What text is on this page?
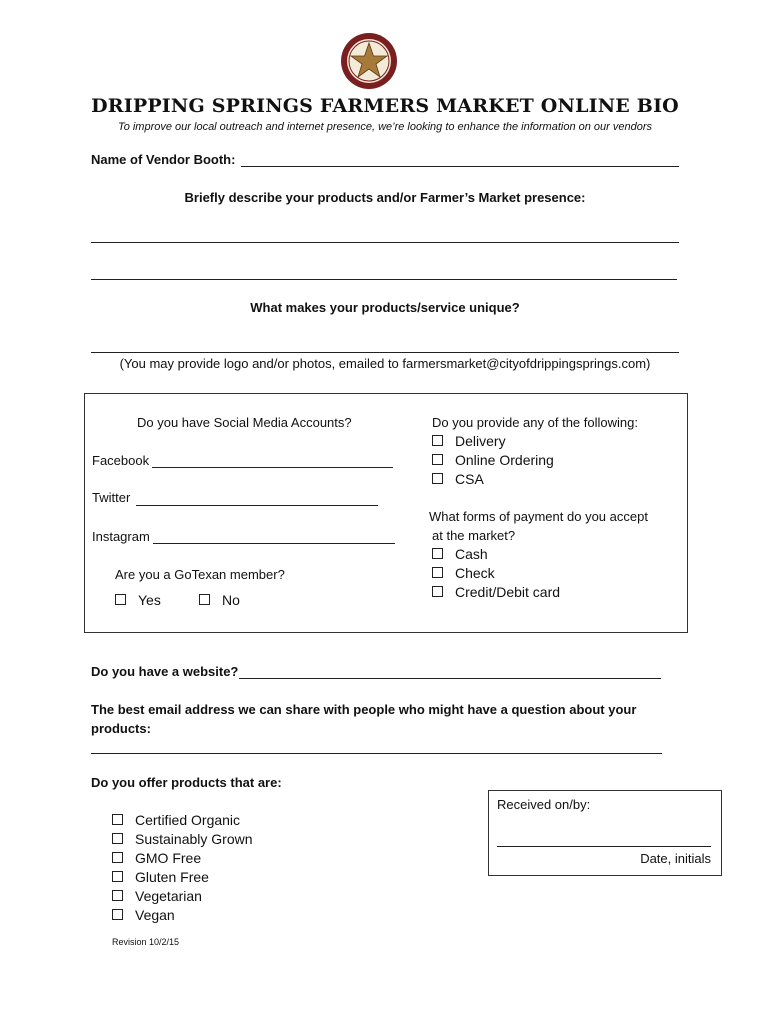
DRIPPING SPRINGS FARMERS MARKET ONLINE BIO
To improve our local outreach and internet presence, we’re looking to enhance the information on our vendors
Name of Vendor Booth:
Briefly describe your products and/or Farmer’s Market presence:
What makes your products/service unique?
(You may provide logo and/or photos, emailed to farmersmarket@cityofdrippingsprings.com)
Do you have Social Media Accounts?
Facebook
Twitter
Instagram
Are you a GoTexan member?
Yes	No
Do you provide any of the following:
Delivery
Online Ordering
CSA
What forms of payment do you accept
at the market?
Cash
Check
Credit/Debit card
Do you have a website?
The best email address we can share with people who might have a question about your
products:
Do you offer products that are:
Certified Organic
Sustainably Grown
GMO Free
Gluten Free
Vegetarian
Vegan
Received on/by:
Date, initials
Revision 10/2/15
